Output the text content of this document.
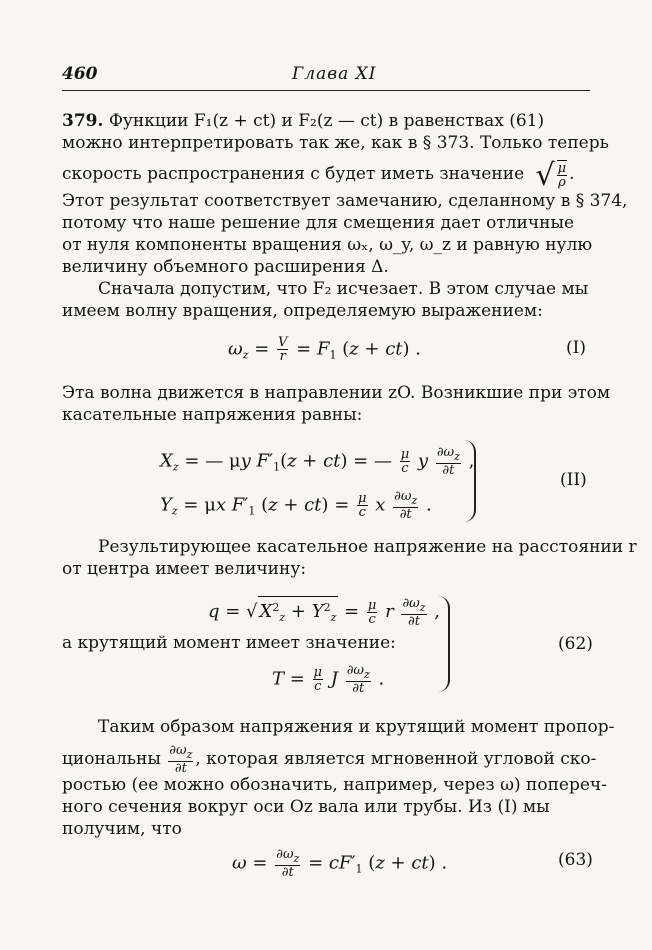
460	Глава XI
379. Функции F₁(z + ct) и F₂(z — ct) в равенствах (61)
можно интерпретировать так же, как в § 373. Только теперь
скорость распространения c будет иметь значение √ $\frac{\mu}{\rho}$ .
Этот результат соответствует замечанию, сделанному в § 374,
потому что наше решение для смещения дает отличные
от нуля компоненты вращения ωₓ, ω_y, ω_z и равную нулю
величину объемного расширения Δ.
Сначала допустим, что F₂ исчезает. В этом случае мы
имеем волну вращения, определяемую выражением:
$\omega_z = \frac{V}{r} = F_1$ (z + ct) .	(I)
Эта волна движется в направлении zO. Возникшие при этом
касательные напряжения равны:
$X_z$ = — μy $F'_1(z + ct)$ = — $\frac{\mu}{c}$ y $\frac{\partial\omega_z}{\partial t}$ ,
$Y_z = \mu x$ $F'_1$ $(z + ct) = \frac{\mu}{c}$ x $\frac{\partial\omega_z}{\partial t}$ .
(II)
Результирующее касательное напряжение на расстоянии r
от центра имеет величину:
q = √ $X^2_z + Y^2_z = \frac{\mu}{c}$ r $\frac{\partial\omega_z}{\partial t}$ ,
а крутящий момент имеет значение:
$T = \frac{\mu}{c}$ J $\frac{\partial\omega_z}{\partial t}$ .
(62)
Таким образом напряжения и крутящий момент пропор-
циональны $\frac{\partial\omega_z}{\partial t}$ , которая является мгновенной угловой ско-
ростью (ее можно обозначить, например, через ω) попереч-
ного сечения вокруг оси Oz вала или трубы. Из (I) мы
получим, что
$\omega = \frac{\partial\omega_z}{\partial t} = cF'_1$ (z + ct) .	(63)
